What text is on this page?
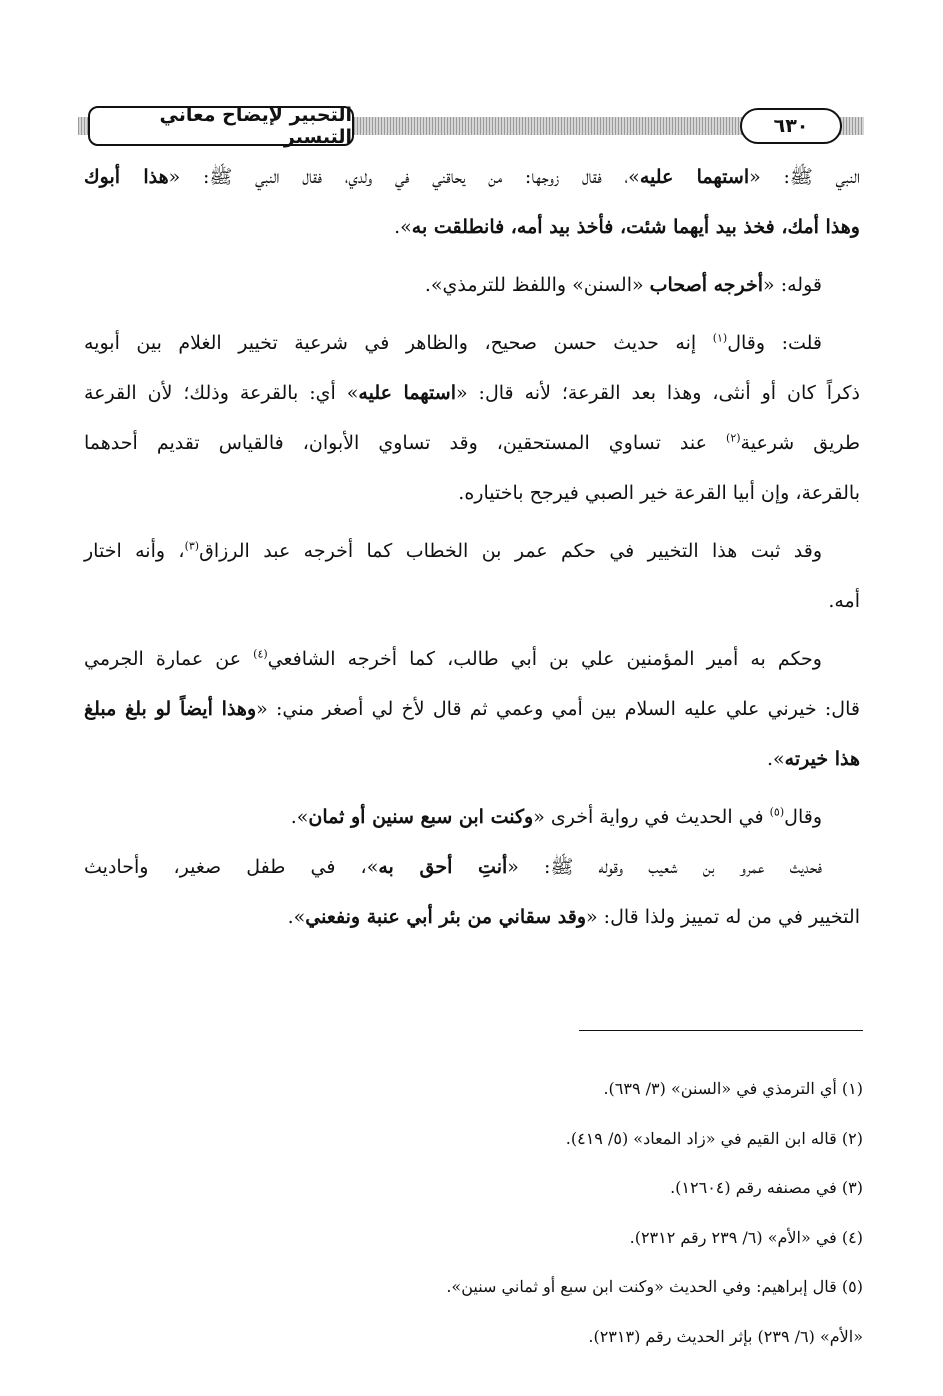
التحبير لإيضاح معاني التيسير	٦٣٠

النبي ﷺ: «استهما عليه»، فقال زوجها: من يحاقني في ولدي، فقال النبي ﷺ: «هذا أبوك

وهذا أمك، فخذ بيد أيهما شئت، فأخذ بيد أمه، فانطلقت به».

قوله: «أخرجه أصحاب «السنن» واللفظ للترمذي».

قلت: وقال$^{(١)}$ إنه حديث حسن صحيح، والظاهر في شرعية تخيير الغلام بين أبويه

ذكراً كان أو أنثى، وهذا بعد القرعة؛ لأنه قال: «استهما عليه» أي: بالقرعة وذلك؛ لأن القرعة

طريق شرعية$^{(٢)}$ عند تساوي المستحقين، وقد تساوي الأبوان، فالقياس تقديم أحدهما

بالقرعة، وإن أبيا القرعة خير الصبي فيرجح باختياره.

وقد ثبت هذا التخيير في حكم عمر بن الخطاب كما أخرجه عبد الرزاق$^{(٣)}$، وأنه اختار

أمه.

وحكم به أمير المؤمنين علي بن أبي طالب، كما أخرجه الشافعي$^{(٤)}$ عن عمارة الجرمي

قال: خيرني علي عليه السلام بين أمي وعمي ثم قال لأخ لي أصغر مني: «وهذا أيضاً لو بلغ مبلغ

هذا خيرته».

وقال$^{(٥)}$ في الحديث في رواية أخرى «وكنت ابن سبع سنين أو ثمان».

فحديث عمرو بن شعيب وقوله ﷺ: «أنتِ أحق به»، في طفل صغير، وأحاديث

التخيير في من له تمييز ولذا قال: «وقد سقاني من بئر أبي عنبة ونفعني».

(١) أي الترمذي في «السنن» (٣/ ٦٣٩).

(٢) قاله ابن القيم في «زاد المعاد» (٥/ ٤١٩).

(٣) في مصنفه رقم (١٢٦٠٤).

(٤) في «الأم» (٦/ ٢٣٩ رقم ٢٣١٢).

(٥) قال إبراهيم: وفي الحديث «وكنت ابن سبع أو ثماني سنين».

«الأم» (٦/ ٢٣٩) بإثر الحديث رقم (٢٣١٣).
